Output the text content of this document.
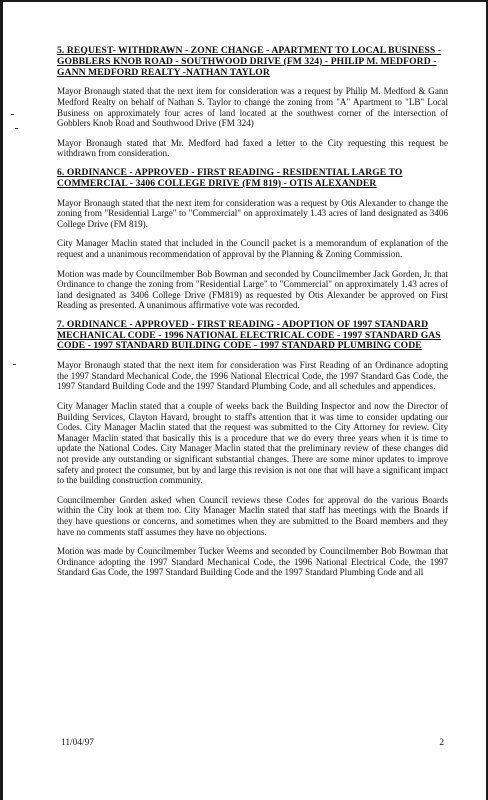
5. REQUEST- WITHDRAWN - ZONE CHANGE - APARTMENT TO LOCAL BUSINESS - GOBBLERS KNOB ROAD - SOUTHWOOD DRIVE (FM 324) - PHILIP M. MEDFORD - GANN MEDFORD REALTY -NATHAN TAYLOR

Mayor Bronaugh stated that the next item for consideration was a request by Philip M. Medford & Gann Medford Realty on behalf of Nathan S. Taylor to change the zoning from "A" Apartment to "LB" Local Business on approximately four acres of land located at the southwest corner of the intersection of Gobblers Knob Road and Southwood Drive (FM 324)

Mayor Bronaugh stated that Mr. Medford had faxed a letter to the City requesting this request be withdrawn from consideration.

6. ORDINANCE - APPROVED - FIRST READING - RESIDENTIAL LARGE TO COMMERCIAL - 3406 COLLEGE DRIVE (FM 819) - OTIS ALEXANDER

Mayor Bronaugh stated that the next item for consideration was a request by Otis Alexander to change the zoning from "Residential Large" to "Commercial" on approximately 1.43 acres of land designated as 3406 College Drive (FM 819).

City Manager Maclin stated that included in the Council packet is a memorandum of explanation of the request and a unanimous recommendation of approval by the Planning & Zoning Commission.

Motion was made by Councilmember Bob Bowman and seconded by Councilmember Jack Gorden, Jr. that Ordinance to change the zoning from "Residential Large" to "Commercial" on approximately 1.43 acres of land designated as 3406 College Drive (FM819) as requested by Otis Alexander be approved on First Reading as presented. A unanimous affirmative vote was recorded.

7. ORDINANCE - APPROVED - FIRST READING - ADOPTION OF 1997 STANDARD MECHANICAL CODE - 1996 NATIONAL ELECTRICAL CODE - 1997 STANDARD GAS CODE - 1997 STANDARD BUILDING CODE - 1997 STANDARD PLUMBING CODE

Mayor Bronaugh stated that the next item for consideration was First Reading of an Ordinance adopting the 1997 Standard Mechanical Code, the 1996 National Electrical Code, the 1997 Standard Gas Code, the 1997 Standard Building Code and the 1997 Standard Plumbing Code, and all schedules and appendices.

City Manager Maclin stated that a couple of weeks back the Building Inspector and now the Director of Building Services, Clayton Havard, brought to staff's attention that it was time to consider updating our Codes. City Manager Maclin stated that the request was submitted to the City Attorney for review. City Manager Maclin stated that basically this is a procedure that we do every three years when it is time to update the National Codes. City Manager Maclin stated that the preliminary review of these changes did not provide any outstanding or significant substantial changes. There are some minor updates to improve safety and protect the consumer, but by and large this revision is not one that will have a significant impact to the building construction community.

Councilmember Gorden asked when Council reviews these Codes for approval do the various Boards within the City look at them too. City Manager Maclin stated that staff has meetings with the Boards if they have questions or concerns, and sometimes when they are submitted to the Board members and they have no comments staff assumes they have no objections.

Motion was made by Councilmember Tucker Weems and seconded by Councilmember Bob Bowman that Ordinance adopting the 1997 Standard Mechanical Code, the 1996 National Electrical Code, the 1997 Standard Gas Code, the 1997 Standard Building Code and the 1997 Standard Plumbing Code and all

11/04/97	2
